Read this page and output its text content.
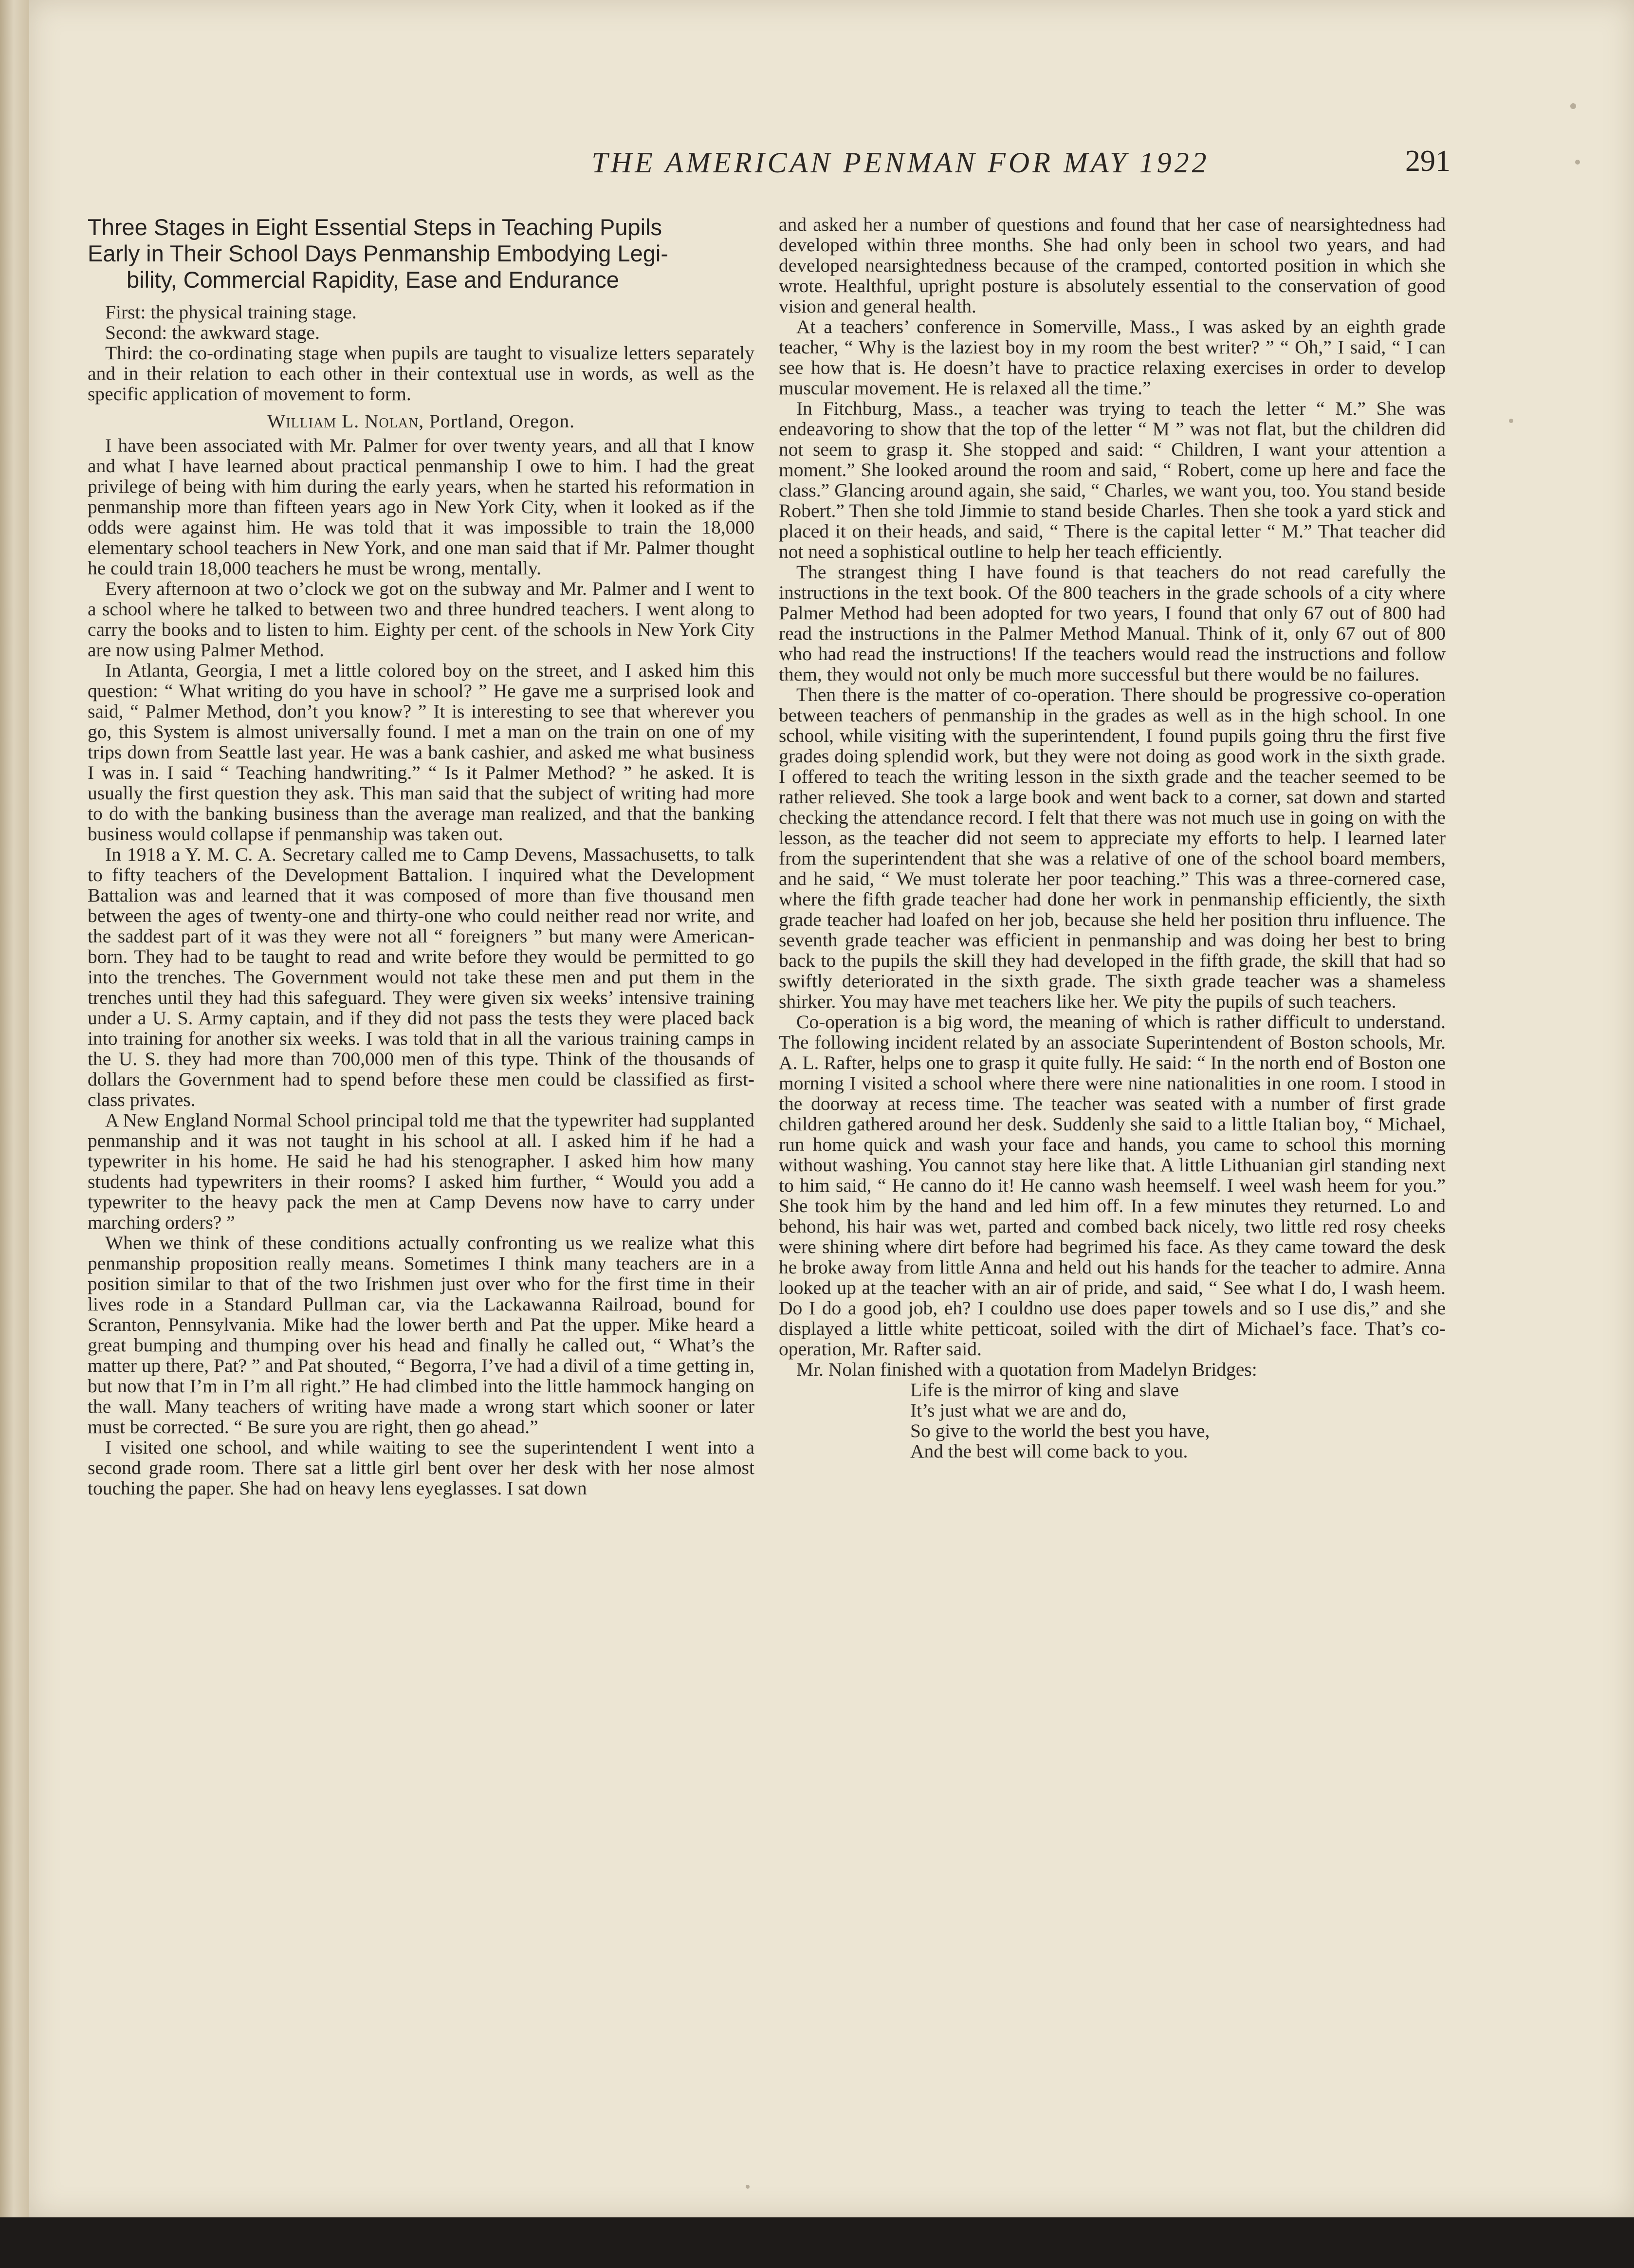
THE AMERICAN PENMAN FOR MAY 1922	291
Three Stages in Eight Essential Steps in Teaching Pupils
Early in Their School Days Penmanship Embodying Legi-
bility, Commercial Rapidity, Ease and Endurance

First: the physical training stage.

Second: the awkward stage.

Third: the co-ordinating stage when pupils are taught to visualize letters separately and in their relation to each other in their contextual use in words, as well as the specific application of movement to form.

William L. Nolan, Portland, Oregon.

I have been associated with Mr. Palmer for over twenty years, and all that I know and what I have learned about practical penmanship I owe to him. I had the great privilege of being with him during the early years, when he started his reformation in penmanship more than fifteen years ago in New York City, when it looked as if the odds were against him. He was told that it was impossible to train the 18,000 elementary school teachers in New York, and one man said that if Mr. Palmer thought he could train 18,000 teachers he must be wrong, mentally.

Every afternoon at two o’clock we got on the subway and Mr. Palmer and I went to a school where he talked to between two and three hundred teachers. I went along to carry the books and to listen to him. Eighty per cent. of the schools in New York City are now using Palmer Method.

In Atlanta, Georgia, I met a little colored boy on the street, and I asked him this question: “ What writing do you have in school? ” He gave me a surprised look and said, “ Palmer Method, don’t you know? ” It is interesting to see that wherever you go, this System is almost universally found. I met a man on the train on one of my trips down from Seattle last year. He was a bank cashier, and asked me what business I was in. I said “ Teaching handwriting.” “ Is it Palmer Method? ” he asked. It is usually the first question they ask. This man said that the subject of writing had more to do with the banking business than the average man realized, and that the banking business would collapse if penmanship was taken out.

In 1918 a Y. M. C. A. Secretary called me to Camp Devens, Massachusetts, to talk to fifty teachers of the Development Battalion. I inquired what the Development Battalion was and learned that it was composed of more than five thousand men between the ages of twenty-one and thirty-one who could neither read nor write, and the saddest part of it was they were not all “ foreigners ” but many were American-born. They had to be taught to read and write before they would be permitted to go into the trenches. The Government would not take these men and put them in the trenches until they had this safeguard. They were given six weeks’ intensive training under a U. S. Army captain, and if they did not pass the tests they were placed back into training for another six weeks. I was told that in all the various training camps in the U. S. they had more than 700,000 men of this type. Think of the thousands of dollars the Government had to spend before these men could be classified as first-class privates.

A New England Normal School principal told me that the typewriter had supplanted penmanship and it was not taught in his school at all. I asked him if he had a typewriter in his home. He said he had his stenographer. I asked him how many students had typewriters in their rooms? I asked him further, “ Would you add a typewriter to the heavy pack the men at Camp Devens now have to carry under marching orders? ”

When we think of these conditions actually confronting us we realize what this penmanship proposition really means. Sometimes I think many teachers are in a position similar to that of the two Irishmen just over who for the first time in their lives rode in a Standard Pullman car, via the Lackawanna Railroad, bound for Scranton, Pennsylvania. Mike had the lower berth and Pat the upper. Mike heard a great bumping and thumping over his head and finally he called out, “ What’s the matter up there, Pat? ” and Pat shouted, “ Begorra, I’ve had a divil of a time getting in, but now that I’m in I’m all right.” He had climbed into the little hammock hanging on the wall. Many teachers of writing have made a wrong start which sooner or later must be corrected. “ Be sure you are right, then go ahead.”

I visited one school, and while waiting to see the superintendent I went into a second grade room. There sat a little girl bent over her desk with her nose almost touching the paper. She had on heavy lens eyeglasses. I sat down

and asked her a number of questions and found that her case of nearsightedness had developed within three months. She had only been in school two years, and had developed nearsightedness because of the cramped, contorted position in which she wrote. Healthful, upright posture is absolutely essential to the conservation of good vision and general health.

At a teachers’ conference in Somerville, Mass., I was asked by an eighth grade teacher, “ Why is the laziest boy in my room the best writer? ” “ Oh,” I said, “ I can see how that is. He doesn’t have to practice relaxing exercises in order to develop muscular movement. He is relaxed all the time.”

In Fitchburg, Mass., a teacher was trying to teach the letter “ M.” She was endeavoring to show that the top of the letter “ M ” was not flat, but the children did not seem to grasp it. She stopped and said: “ Children, I want your attention a moment.” She looked around the room and said, “ Robert, come up here and face the class.” Glancing around again, she said, “ Charles, we want you, too. You stand beside Robert.” Then she told Jimmie to stand beside Charles. Then she took a yard stick and placed it on their heads, and said, “ There is the capital letter “ M.” That teacher did not need a sophistical outline to help her teach efficiently.

The strangest thing I have found is that teachers do not read carefully the instructions in the text book. Of the 800 teachers in the grade schools of a city where Palmer Method had been adopted for two years, I found that only 67 out of 800 had read the instructions in the Palmer Method Manual. Think of it, only 67 out of 800 who had read the instructions! If the teachers would read the instructions and follow them, they would not only be much more successful but there would be no failures.

Then there is the matter of co-operation. There should be progressive co-operation between teachers of penmanship in the grades as well as in the high school. In one school, while visiting with the superintendent, I found pupils going thru the first five grades doing splendid work, but they were not doing as good work in the sixth grade. I offered to teach the writing lesson in the sixth grade and the teacher seemed to be rather relieved. She took a large book and went back to a corner, sat down and started checking the attendance record. I felt that there was not much use in going on with the lesson, as the teacher did not seem to appreciate my efforts to help. I learned later from the superintendent that she was a relative of one of the school board members, and he said, “ We must tolerate her poor teaching.” This was a three-cornered case, where the fifth grade teacher had done her work in penmanship efficiently, the sixth grade teacher had loafed on her job, because she held her position thru influence. The seventh grade teacher was efficient in penmanship and was doing her best to bring back to the pupils the skill they had developed in the fifth grade, the skill that had so swiftly deteriorated in the sixth grade. The sixth grade teacher was a shameless shirker. You may have met teachers like her. We pity the pupils of such teachers.

Co-operation is a big word, the meaning of which is rather difficult to understand. The following incident related by an associate Superintendent of Boston schools, Mr. A. L. Rafter, helps one to grasp it quite fully. He said: “ In the north end of Boston one morning I visited a school where there were nine nationalities in one room. I stood in the doorway at recess time. The teacher was seated with a number of first grade children gathered around her desk. Suddenly she said to a little Italian boy, “ Michael, run home quick and wash your face and hands, you came to school this morning without washing. You cannot stay here like that. A little Lithuanian girl standing next to him said, “ He canno do it! He canno wash heemself. I weel wash heem for you.” She took him by the hand and led him off. In a few minutes they returned. Lo and behond, his hair was wet, parted and combed back nicely, two little red rosy cheeks were shining where dirt before had begrimed his face. As they came toward the desk he broke away from little Anna and held out his hands for the teacher to admire. Anna looked up at the teacher with an air of pride, and said, “ See what I do, I wash heem. Do I do a good job, eh? I couldno use does paper towels and so I use dis,” and she displayed a little white petticoat, soiled with the dirt of Michael’s face. That’s co-operation, Mr. Rafter said.

Mr. Nolan finished with a quotation from Madelyn Bridges:

Life is the mirror of king and slave
It’s just what we are and do,
So give to the world the best you have,
And the best will come back to you.
